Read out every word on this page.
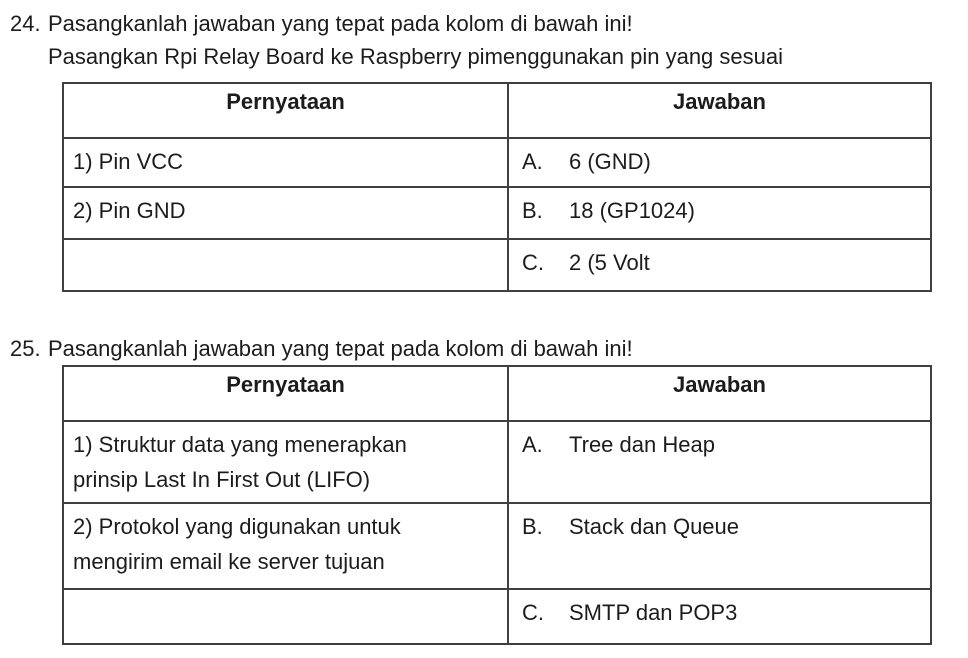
24. Pasangkanlah jawaban yang tepat pada kolom di bawah ini!
Pasangkan Rpi Relay Board ke Raspberry pimenggunakan pin yang sesuai
Pernyataan	Jawaban

1) Pin VCC	A. 6 (GND)

2) Pin GND	B. 18 (GP1024)

	C. 2 (5 Volt
25. Pasangkanlah jawaban yang tepat pada kolom di bawah ini!
Pernyataan	Jawaban

1) Struktur data yang menerapkan prinsip Last In First Out (LIFO)	A. Tree dan Heap

2) Protokol yang digunakan untuk mengirim email ke server tujuan	B. Stack dan Queue

	C. SMTP dan POP3
